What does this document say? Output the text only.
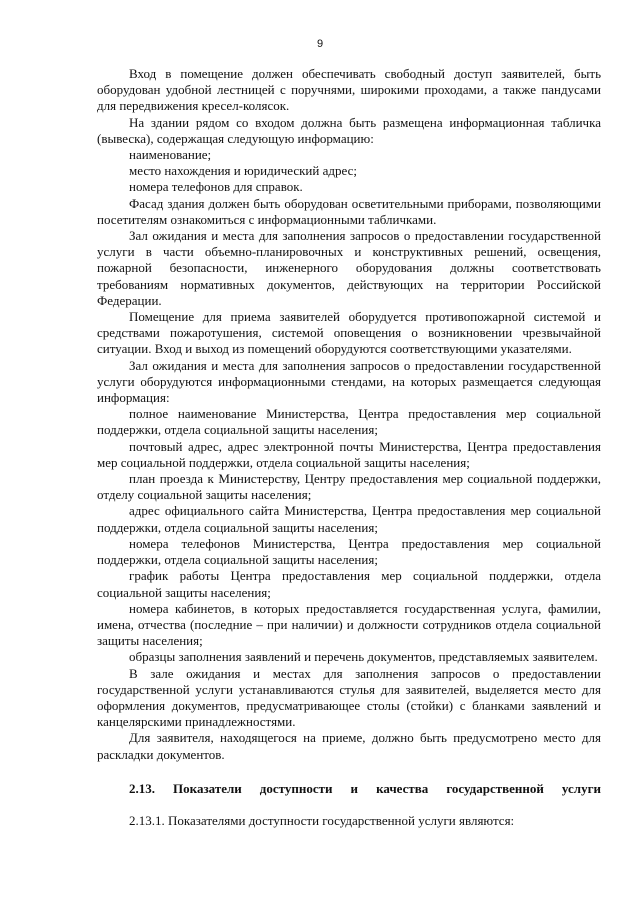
9

Вход в помещение должен обеспечивать свободный доступ заявителей, быть оборудован удобной лестницей с поручнями, широкими проходами, а также пандусами для передвижения кресел-колясок.

На здании рядом со входом должна быть размещена информационная табличка (вывеска), содержащая следующую информацию:

наименование;

место нахождения и юридический адрес;

номера телефонов для справок.

Фасад здания должен быть оборудован осветительными приборами, позволяющими посетителям ознакомиться с информационными табличками.

Зал ожидания и места для заполнения запросов о предоставлении государственной услуги в части объемно-планировочных и конструктивных решений, освещения, пожарной безопасности, инженерного оборудования должны соответствовать требованиям нормативных документов, действующих на территории Российской Федерации.

Помещение для приема заявителей оборудуется противопожарной системой и средствами пожаротушения, системой оповещения о возникновении чрезвычайной ситуации. Вход и выход из помещений оборудуются соответствующими указателями.

Зал ожидания и места для заполнения запросов о предоставлении государственной услуги оборудуются информационными стендами, на которых размещается следующая информация:

полное наименование Министерства, Центра предоставления мер социальной поддержки, отдела социальной защиты населения;

почтовый адрес, адрес электронной почты Министерства, Центра предоставления мер социальной поддержки, отдела социальной защиты населения;

план проезда к Министерству, Центру предоставления мер социальной поддержки, отделу социальной защиты населения;

адрес официального сайта Министерства, Центра предоставления мер социальной поддержки, отдела социальной защиты населения;

номера телефонов Министерства, Центра предоставления мер социальной поддержки, отдела социальной защиты населения;

график работы Центра предоставления мер социальной поддержки, отдела социальной защиты населения;

номера кабинетов, в которых предоставляется государственная услуга, фамилии, имена, отчества (последние – при наличии) и должности сотрудников отдела социальной защиты населения;

образцы заполнения заявлений и перечень документов, представляемых заявителем.

В зале ожидания и местах для заполнения запросов о предоставлении государственной услуги устанавливаются стулья для заявителей, выделяется место для оформления документов, предусматривающее столы (стойки) с бланками заявлений и канцелярскими принадлежностями.

Для заявителя, находящегося на приеме, должно быть предусмотрено место для раскладки документов.

2.13. Показатели доступности и качества государственной услуги

2.13.1. Показателями доступности государственной услуги являются:
